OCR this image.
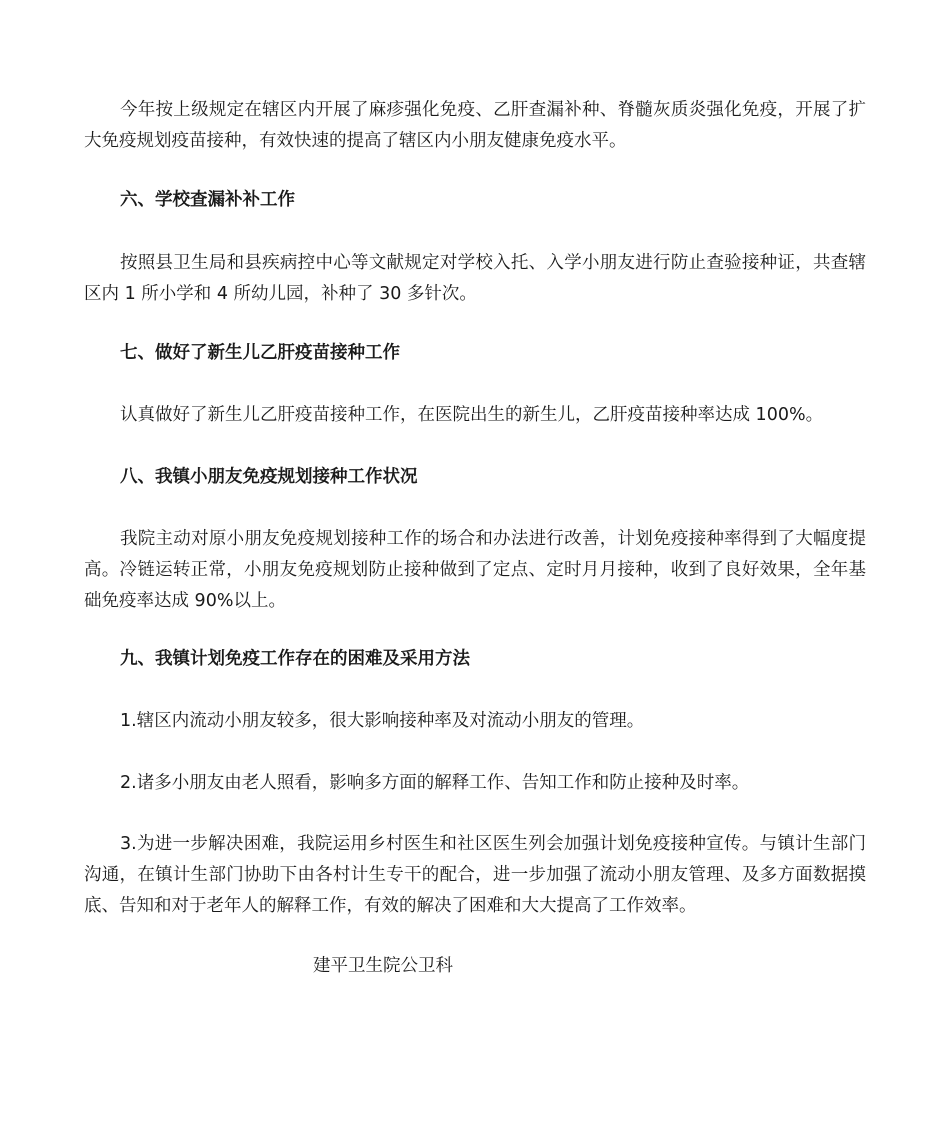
今年按上级规定在辖区内开展了麻疹强化免疫、乙肝查漏补种、脊髓灰质炎强化免疫，开展了扩大免疫规划疫苗接种，有效快速的提高了辖区内小朋友健康免疫水平。

六、学校查漏补补工作

按照县卫生局和县疾病控中心等文献规定对学校入托、入学小朋友进行防止查验接种证，共查辖区内 1 所小学和 4 所幼儿园，补种了 30 多针次。

七、做好了新生儿乙肝疫苗接种工作

认真做好了新生儿乙肝疫苗接种工作，在医院出生的新生儿，乙肝疫苗接种率达成 100%。

八、我镇小朋友免疫规划接种工作状况

我院主动对原小朋友免疫规划接种工作的场合和办法进行改善，计划免疫接种率得到了大幅度提高。冷链运转正常，小朋友免疫规划防止接种做到了定点、定时月月接种，收到了良好效果，全年基础免疫率达成 90%以上。

九、我镇计划免疫工作存在的困难及采用方法

1.辖区内流动小朋友较多，很大影响接种率及对流动小朋友的管理。

2.诸多小朋友由老人照看，影响多方面的解释工作、告知工作和防止接种及时率。

3.为进一步解决困难，我院运用乡村医生和社区医生列会加强计划免疫接种宣传。与镇计生部门沟通，在镇计生部门协助下由各村计生专干的配合，进一步加强了流动小朋友管理、及多方面数据摸底、告知和对于老年人的解释工作，有效的解决了困难和大大提高了工作效率。

建平卫生院公卫科
